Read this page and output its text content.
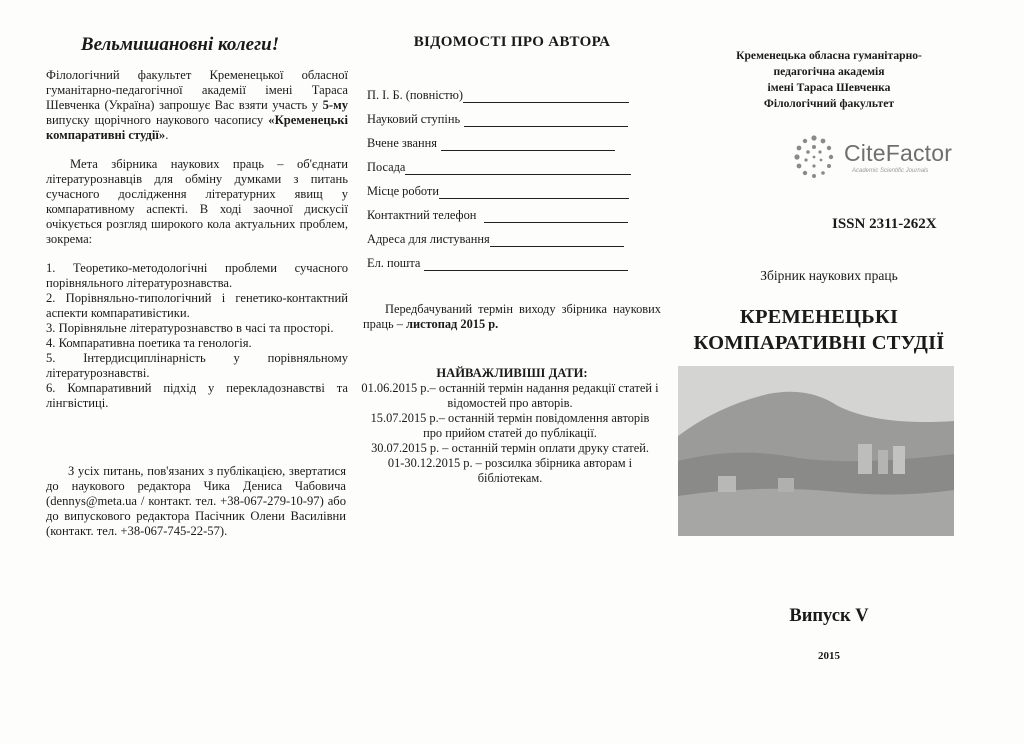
Вельмишановні колеги!
Філологічний факультет Кременецької обласної гуманітарно-педагогічної академії імені Тараса Шевченка (Україна) запрошує Вас взяти участь у 5-му випуску щорічного наукового часопису «Кременецькі компаративні студії».
Мета збірника наукових праць – об'єднати літературознавців для обміну думками з питань сучасного дослідження літературних явищ у компаративному аспекті. В ході заочної дискусії очікується розгляд широкого кола актуальних проблем, зокрема:
1. Теоретико-методологічні проблеми сучасного порівняльного літературознавства.
2. Порівняльно-типологічний і генетико-контактний аспекти компаративістики.
3. Порівняльне літературознавство в часі та просторі.
4. Компаративна поетика та генологія.
5. Інтердисциплінарність у порівняльному літературознавстві.
6. Компаративний підхід у перекладознавстві та лінгвістиці.
З усіх питань, пов'язаних з публікацією, звертатися до наукового редактора Чика Дениса Чабовича (dennys@meta.ua / контакт. тел. +38-067-279-10-97) або до випускового редактора Пасічник Олени Василівни (контакт. тел. +38-067-745-22-57).
ВІДОМОСТІ ПРО АВТОРА
П. І. Б. (повністю)
Науковий ступінь
Вчене звання
Посада
Місце роботи
Контактний телефон
Адреса для листування
Ел. пошта
Передбачуваний термін виходу збірника наукових праць – листопад 2015 р.
НАЙВАЖЛИВІШІ ДАТИ:
01.06.2015 р.– останній термін надання редакції статей і відомостей про авторів.
15.07.2015 р.– останній термін повідомлення авторів про прийом статей до публікації.
30.07.2015 р. – останній термін оплати друку статей.
01-30.12.2015 р. – розсилка збірника авторам і бібліотекам.
Кременецька обласна гуманітарно-
педагогічна академія
імені Тараса Шевченка
Філологічний факультет
CiteFactor
Academic Scientific Journals
ISSN 2311-262X
Збірник наукових праць
КРЕМЕНЕЦЬКІ
КОМПАРАТИВНІ СТУДІЇ
Випуск V
2015
